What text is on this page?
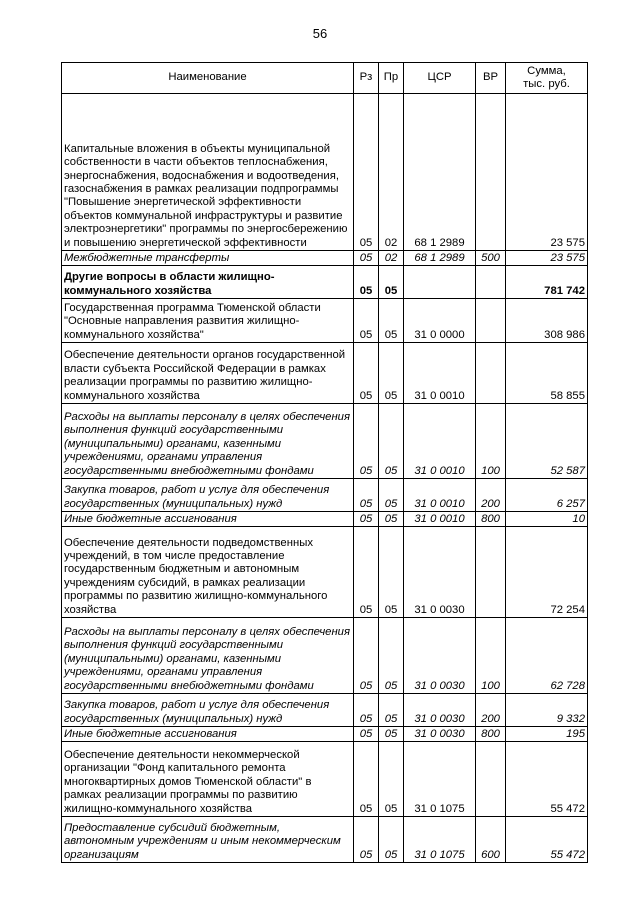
56
Наименование	Рз	Пр	ЦСР	ВР	Сумма,
тыс. руб.

Капитальные вложения в объекты муниципальной собственности в части объектов теплоснабжения, энергоснабжения, водоснабжения и водоотведения, газоснабжения в рамках реализации подпрограммы "Повышение энергетической эффективности объектов коммунальной инфраструктуры и развитие электроэнергетики" программы по энергосбережению и повышению энергетической эффективности	05	02	68 1 2989		23 575
Межбюджетные трансферты	05	02	68 1 2989	500	23 575
Другие вопросы в области жилищно-коммунального хозяйства	05	05			781 742
Государственная программа Тюменской области "Основные направления развития жилищно-коммунального хозяйства"	05	05	31 0 0000		308 986
Обеспечение деятельности органов государственной власти субъекта Российской Федерации в рамках реализации программы по развитию жилищно-коммунального хозяйства	05	05	31 0 0010		58 855
Расходы на выплаты персоналу в целях обеспечения выполнения функций государственными (муниципальными) органами, казенными учреждениями, органами управления государственными внебюджетными фондами	05	05	31 0 0010	100	52 587
Закупка товаров, работ и услуг для обеспечения государственных (муниципальных) нужд	05	05	31 0 0010	200	6 257
Иные бюджетные ассигнования	05	05	31 0 0010	800	10
Обеспечение деятельности подведомственных учреждений, в том числе предоставление государственным бюджетным и автономным учреждениям субсидий, в рамках реализации программы по развитию жилищно-коммунального хозяйства	05	05	31 0 0030		72 254
Расходы на выплаты персоналу в целях обеспечения выполнения функций государственными (муниципальными) органами, казенными учреждениями, органами управления государственными внебюджетными фондами	05	05	31 0 0030	100	62 728
Закупка товаров, работ и услуг для обеспечения государственных (муниципальных) нужд	05	05	31 0 0030	200	9 332
Иные бюджетные ассигнования	05	05	31 0 0030	800	195
Обеспечение деятельности некоммерческой организации "Фонд капитального ремонта многоквартирных домов Тюменской области" в рамках реализации программы по развитию жилищно-коммунального хозяйства	05	05	31 0 1075		55 472
Предоставление субсидий бюджетным, автономным учреждениям и иным некоммерческим организациям	05	05	31 0 1075	600	55 472
